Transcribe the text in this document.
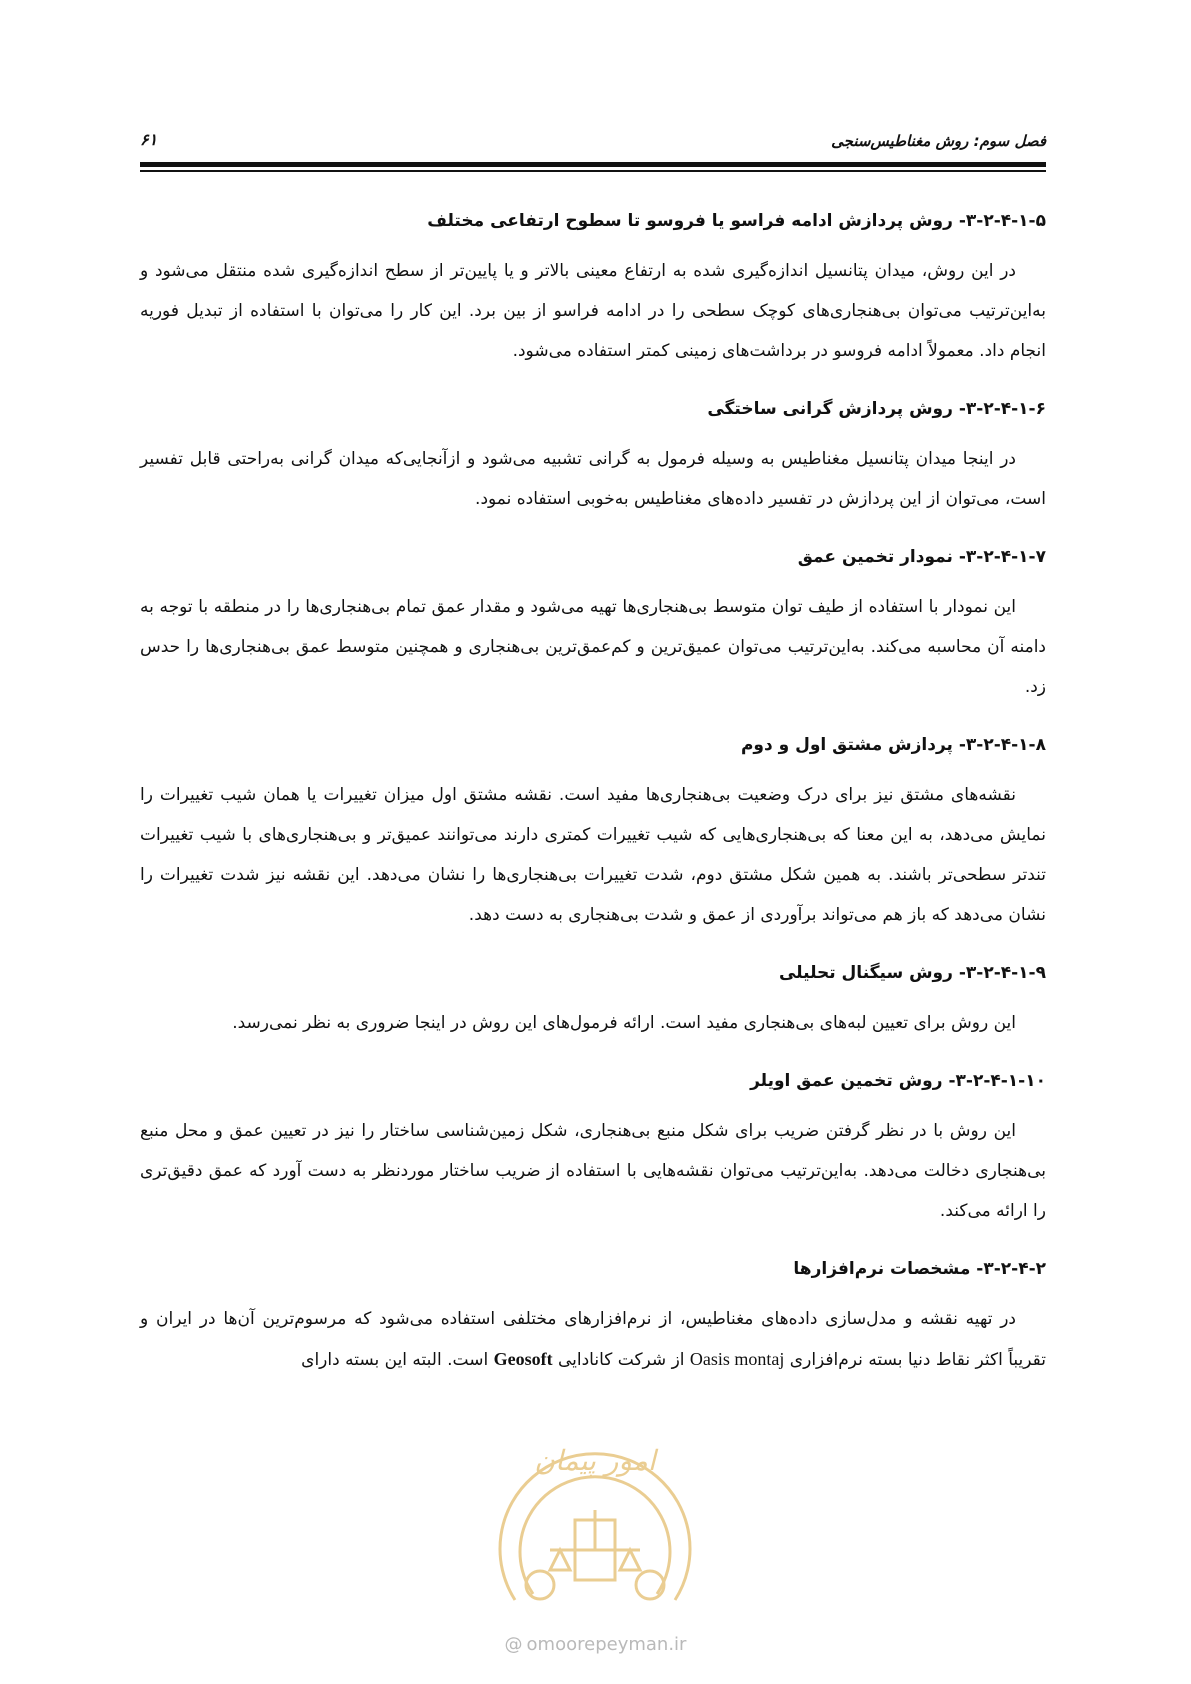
فصل سوم: روش مغناطیس‌سنجی
۶۱
۳-۲-۴-۱-۵- روش پردازش ادامه فراسو یا فروسو تا سطوح ارتفاعی مختلف

در این روش، میدان پتانسیل اندازه‌گیری شده به ارتفاع معینی بالاتر و یا پایین‌تر از سطح اندازه‌گیری شده منتقل می‌شود و به‌این‌ترتیب می‌توان بی‌هنجاری‌های کوچک سطحی را در ادامه فراسو از بین برد. این کار را می‌توان با استفاده از تبدیل فوریه انجام داد. معمولاً ادامه فروسو در برداشت‌های زمینی کمتر استفاده می‌شود.

۳-۲-۴-۱-۶- روش پردازش گرانی ساختگی

در اینجا میدان پتانسیل مغناطیس به وسیله فرمول به گرانی تشبیه می‌شود و ازآنجایی‌که میدان گرانی به‌راحتی قابل تفسیر است، می‌توان از این پردازش در تفسیر داده‌های مغناطیس به‌خوبی استفاده نمود.

۳-۲-۴-۱-۷- نمودار تخمین عمق

این نمودار با استفاده از طیف توان متوسط بی‌هنجاری‌ها تهیه می‌شود و مقدار عمق تمام بی‌هنجاری‌ها را در منطقه با توجه به دامنه آن محاسبه می‌کند. به‌این‌ترتیب می‌توان عمیق‌ترین و کم‌عمق‌ترین بی‌هنجاری و همچنین متوسط عمق بی‌هنجاری‌ها را حدس زد.

۳-۲-۴-۱-۸- پردازش مشتق اول و دوم

نقشه‌های مشتق نیز برای درک وضعیت بی‌هنجاری‌ها مفید است. نقشه مشتق اول میزان تغییرات یا همان شیب تغییرات را نمایش می‌دهد، به این معنا که بی‌هنجاری‌هایی که شیب تغییرات کمتری دارند می‌توانند عمیق‌تر و بی‌هنجاری‌های با شیب تغییرات تندتر سطحی‌تر باشند. به همین شکل مشتق دوم، شدت تغییرات بی‌هنجاری‌ها را نشان می‌دهد. این نقشه نیز شدت تغییرات را نشان می‌دهد که باز هم می‌تواند برآوردی از عمق و شدت بی‌هنجاری به دست دهد.

۳-۲-۴-۱-۹- روش سیگنال تحلیلی

این روش برای تعیین لبه‌های بی‌هنجاری مفید است. ارائه فرمول‌های این روش در اینجا ضروری به نظر نمی‌رسد.

۳-۲-۴-۱-۱۰- روش تخمین عمق اویلر

این روش با در نظر گرفتن ضریب برای شکل منبع بی‌هنجاری، شکل زمین‌شناسی ساختار را نیز در تعیین عمق و محل منبع بی‌هنجاری دخالت می‌دهد. به‌این‌ترتیب می‌توان نقشه‌هایی با استفاده از ضریب ساختار موردنظر به دست آورد که عمق دقیق‌تری را ارائه می‌کند.

۳-۲-۴-۲- مشخصات نرم‌افزارها

در تهیه نقشه و مدل‌سازی داده‌های مغناطیس، از نرم‌افزارهای مختلفی استفاده می‌شود که مرسوم‌ترین آن‌ها در ایران و تقریباً اکثر نقاط دنیا بسته نرم‌افزاری Oasis montaj از شرکت کانادایی Geosoft است. البته این بسته دارای

امور پیمان
@ omoorepeyman.ir
